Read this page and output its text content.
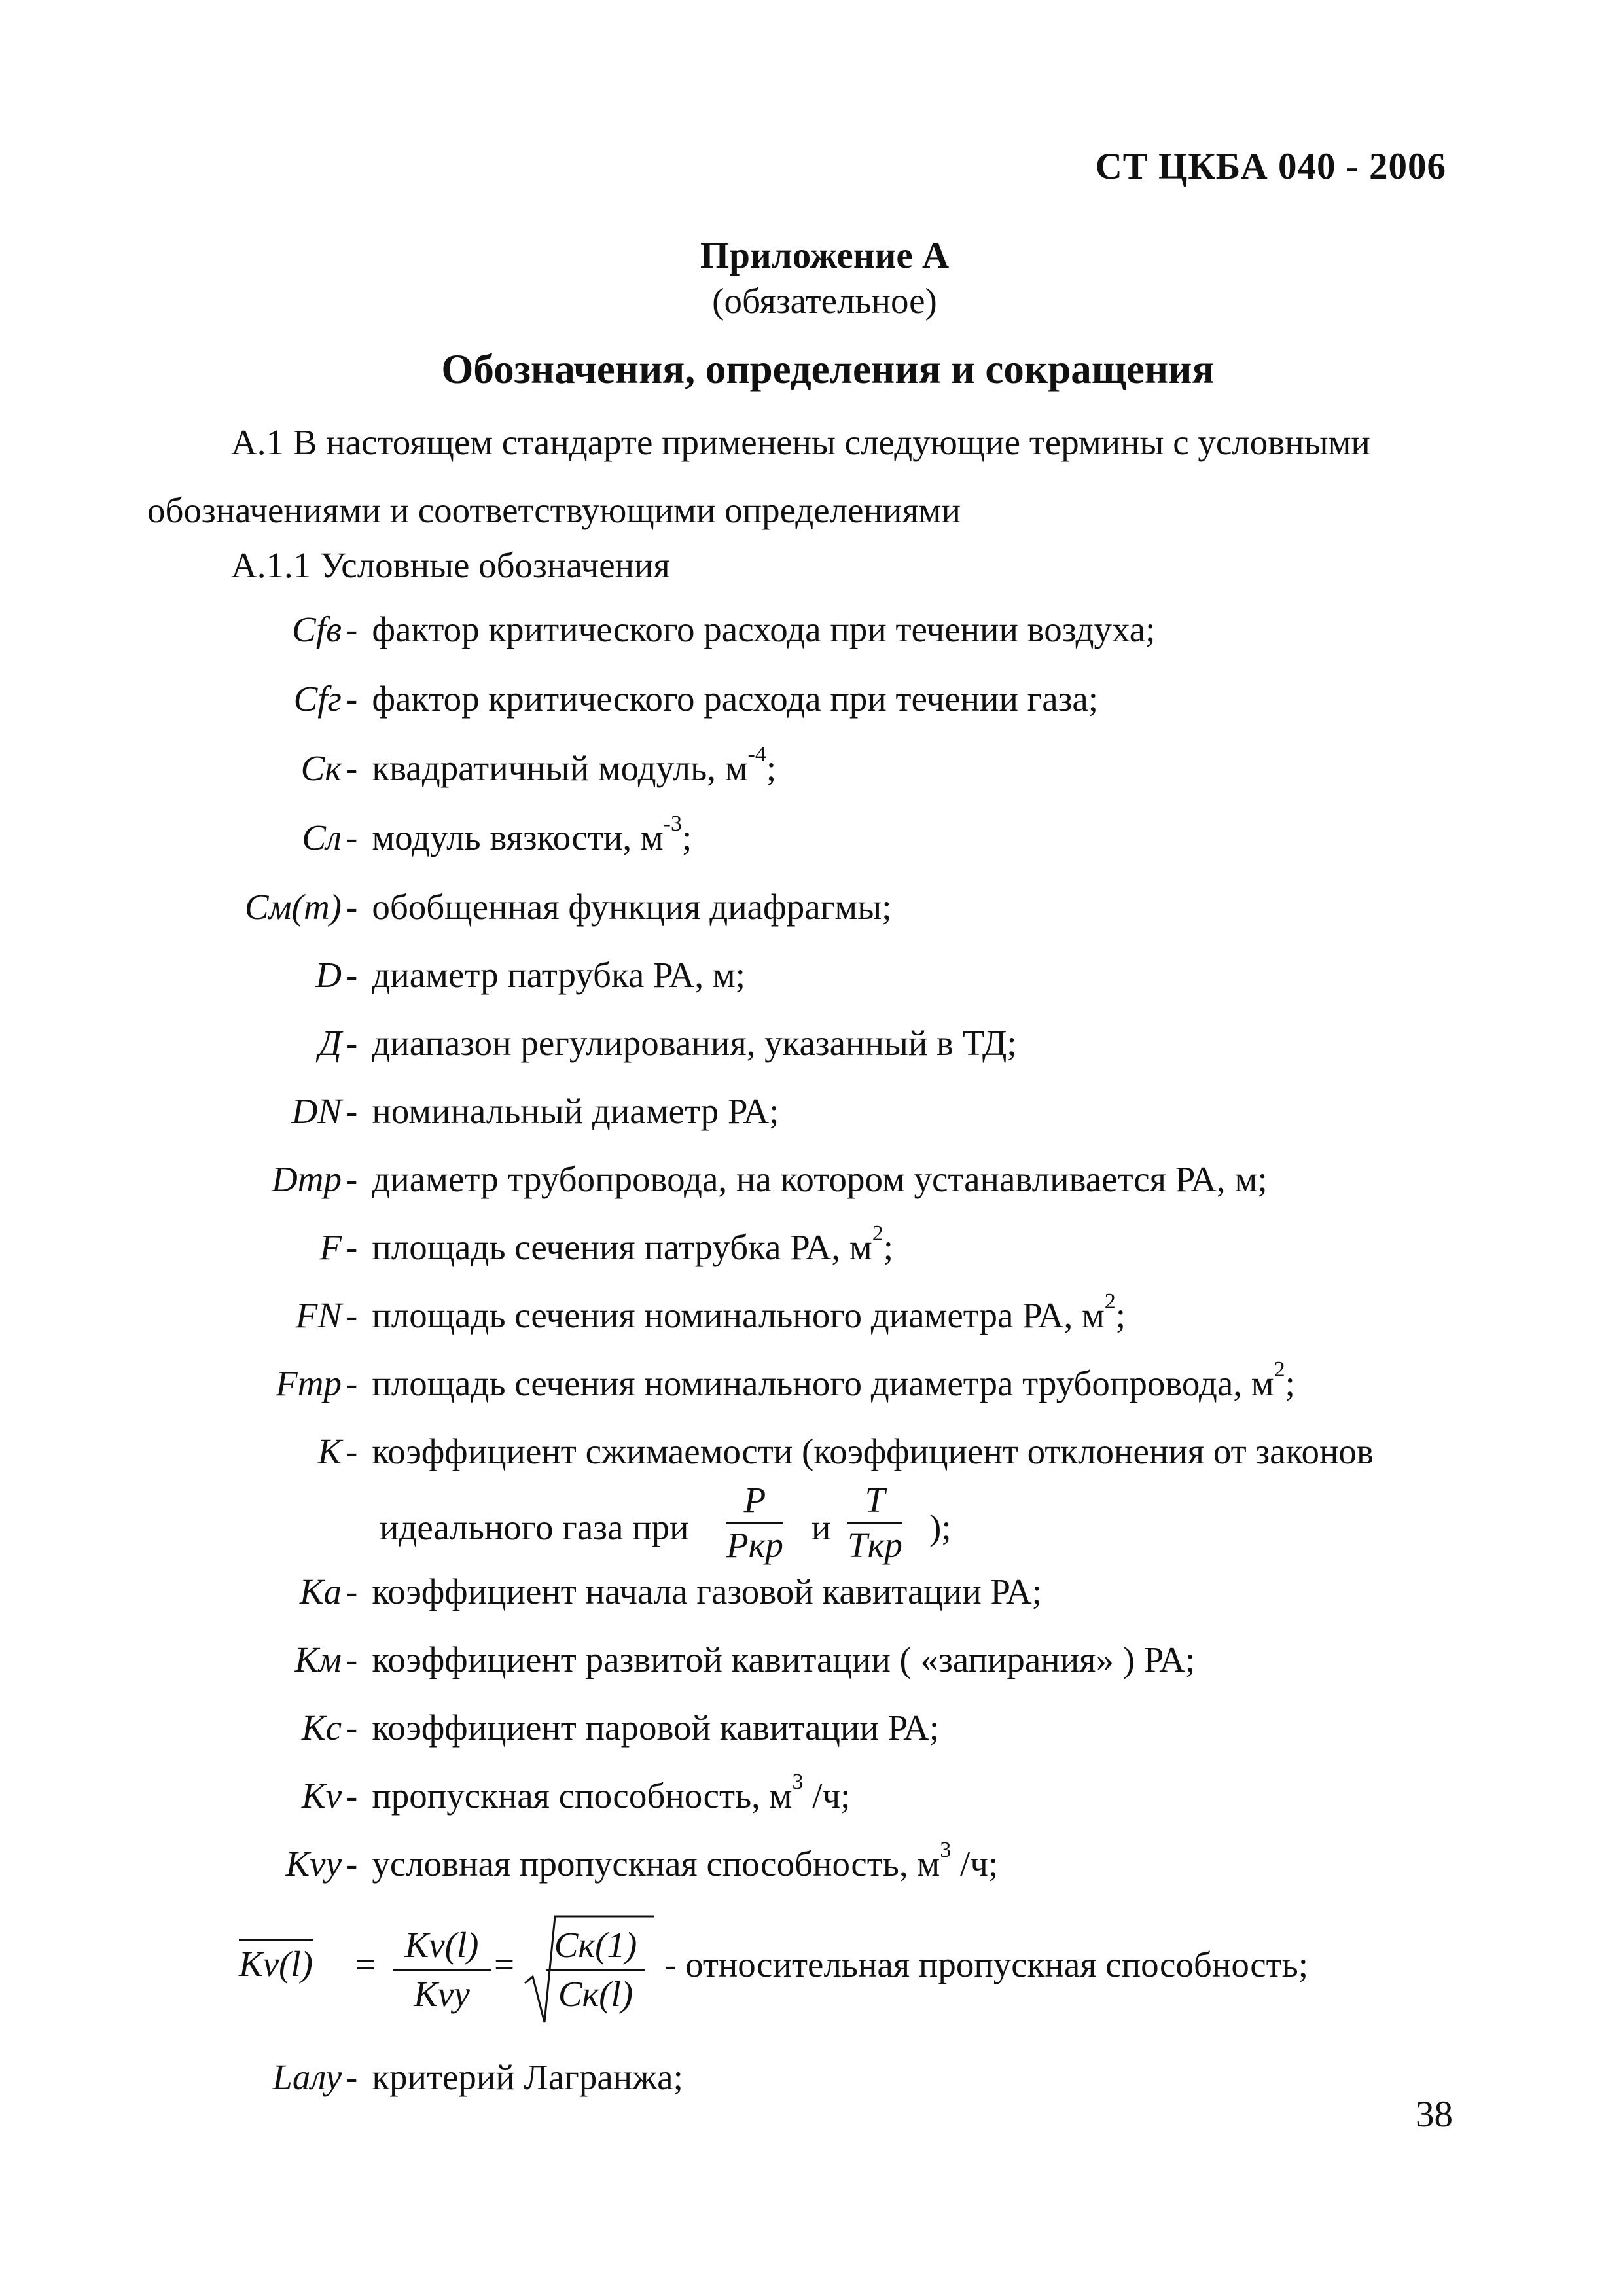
СТ ЦКБА 040 - 2006
Приложение А
(обязательное)
Обозначения, определения и сокращения
А.1 В настоящем стандарте применены следующие термины с условными
обозначениями и соответствующими определениями
А.1.1 Условные обозначения
Cfв - фактор критического расхода при течении воздуха;
Cfг - фактор критического расхода при течении газа;
Cк - квадратичный модуль, $м^{-4}$;
Cл - модуль вязкости, $м^{-3}$;
Cм(m) - обобщенная функция диафрагмы;
D - диаметр патрубка РА, м;
Д - диапазон регулирования, указанный в ТД;
DN - номинальный диаметр РА;
Dтр - диаметр трубопровода, на котором устанавливается РА, м;
F - площадь сечения патрубка РА, $м^2$;
FN - площадь сечения номинального диаметра РА, $м^2$;
Fтр - площадь сечения номинального диаметра трубопровода, $м^2$;
K - коэффициент сжимаемости (коэффициент отклонения от законов
Ka - коэффициент начала газовой кавитации РА;
Kм - коэффициент развитой кавитации ( «запирания» ) РА;
Kс - коэффициент паровой кавитации РА;
Kv - пропускная способность, $м^3$ /ч;
Kvy - условная пропускная способность, $м^3$ /ч;
идеального газа при
P
Pкр и
T
Tкр );
Kv(l) = Kv(l)
Kvy
= Cк(1)
Cк(l)
- относительная пропускная способность;
Laлу - критерий Лагранжа;
38
